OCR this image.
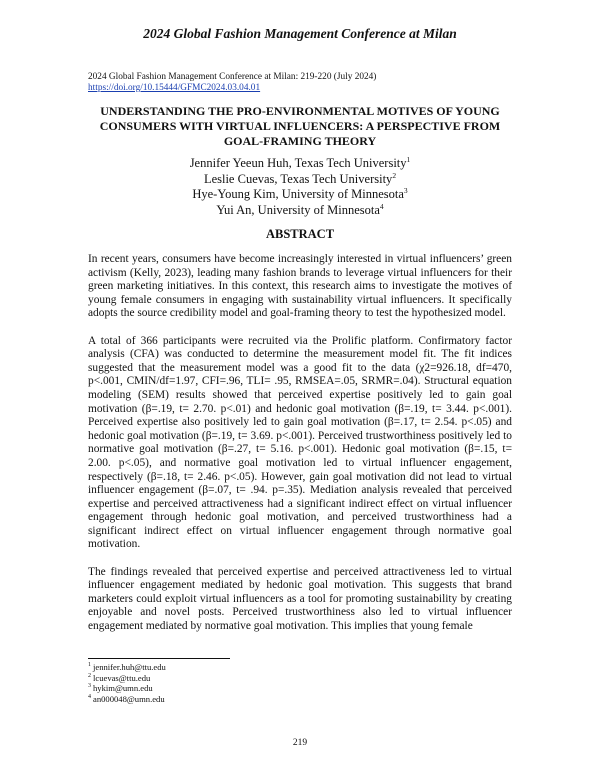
2024 Global Fashion Management Conference at Milan
2024 Global Fashion Management Conference at Milan: 219-220 (July 2024)
https://doi.org/10.15444/GFMC2024.03.04.01
UNDERSTANDING THE PRO-ENVIRONMENTAL MOTIVES OF YOUNG CONSUMERS WITH VIRTUAL INFLUENCERS: A PERSPECTIVE FROM GOAL-FRAMING THEORY
Jennifer Yeeun Huh, Texas Tech University$^1$
Leslie Cuevas, Texas Tech University$^2$
Hye-Young Kim, University of Minnesota$^3$
Yui An, University of Minnesota$^4$
ABSTRACT

In recent years, consumers have become increasingly interested in virtual influencers’ green activism (Kelly, 2023), leading many fashion brands to leverage virtual influencers for their green marketing initiatives. In this context, this research aims to investigate the motives of young female consumers in engaging with sustainability virtual influencers. It specifically adopts the source credibility model and goal-framing theory to test the hypothesized model.

A total of 366 participants were recruited via the Prolific platform. Confirmatory factor analysis (CFA) was conducted to determine the measurement model fit. The fit indices suggested that the measurement model was a good fit to the data (χ2=926.18, df=470, p<.001, CMIN/df=1.97, CFI=.96, TLI= .95, RMSEA=.05, SRMR=.04). Structural equation modeling (SEM) results showed that perceived expertise positively led to gain goal motivation (β=.19, t= 2.70. p<.01) and hedonic goal motivation (β=.19, t= 3.44. p<.001). Perceived expertise also positively led to gain goal motivation (β=.17, t= 2.54. p<.05) and hedonic goal motivation (β=.19, t= 3.69. p<.001). Perceived trustworthiness positively led to normative goal motivation (β=.27, t= 5.16. p<.001). Hedonic goal motivation (β=.15, t= 2.00. p<.05), and normative goal motivation led to virtual influencer engagement, respectively (β=.18, t= 2.46. p<.05). However, gain goal motivation did not lead to virtual influencer engagement (β=.07, t= .94. p=.35). Mediation analysis revealed that perceived expertise and perceived attractiveness had a significant indirect effect on virtual influencer engagement through hedonic goal motivation, and perceived trustworthiness had a significant indirect effect on virtual influencer engagement through normative goal motivation.

The findings revealed that perceived expertise and perceived attractiveness led to virtual influencer engagement mediated by hedonic goal motivation. This suggests that brand marketers could exploit virtual influencers as a tool for promoting sustainability by creating enjoyable and novel posts. Perceived trustworthiness also led to virtual influencer engagement mediated by normative goal motivation. This implies that young female

$^1$ jennifer.huh@ttu.edu
$^2$ lcuevas@ttu.edu
$^3$ hykim@umn.edu
$^4$ an000048@umn.edu
219
